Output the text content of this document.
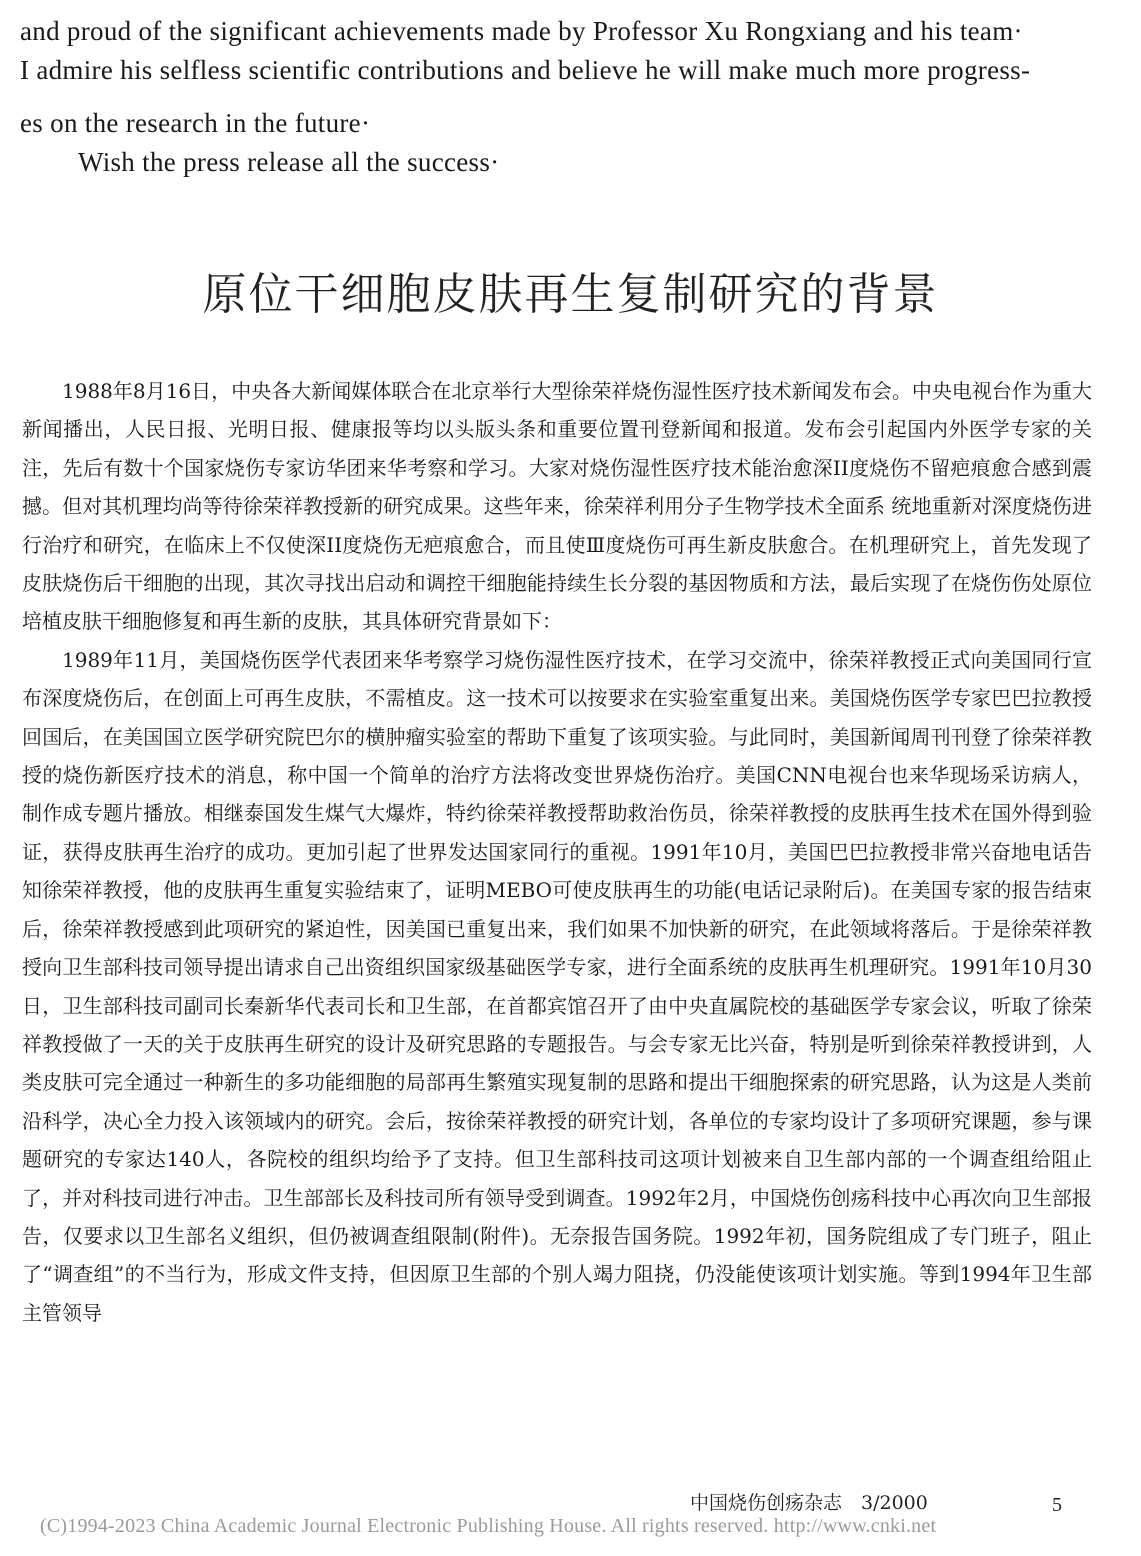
and proud of the significant achievements made by Professor Xu Rongxiang and his team·
I admire his selfless scientific contributions and believe he will make much more progress-
es on the research in the future·
Wish the press release all the success·
原位干细胞皮肤再生复制研究的背景

1988年8月16日，中央各大新闻媒体联合在北京举行大型徐荣祥烧伤湿性医疗技术新闻发布会。中央电视台作为重大新闻播出，人民日报、光明日报、健康报等均以头版头条和重要位置刊登新闻和报道。发布会引起国内外医学专家的关注，先后有数十个国家烧伤专家访华团来华考察和学习。大家对烧伤湿性医疗技术能治愈深II度烧伤不留疤痕愈合感到震撼。但对其机理均尚等待徐荣祥教授新的研究成果。这些年来，徐荣祥利用分子生物学技术全面系 统地重新对深度烧伤进行治疗和研究，在临床上不仅使深II度烧伤无疤痕愈合，而且使Ⅲ度烧伤可再生新皮肤愈合。在机理研究上，首先发现了皮肤烧伤后干细胞的出现，其次寻找出启动和调控干细胞能持续生长分裂的基因物质和方法，最后实现了在烧伤伤处原位培植皮肤干细胞修复和再生新的皮肤，其具体研究背景如下：

1989年11月，美国烧伤医学代表团来华考察学习烧伤湿性医疗技术，在学习交流中，徐荣祥教授正式向美国同行宣布深度烧伤后，在创面上可再生皮肤，不需植皮。这一技术可以按要求在实验室重复出来。美国烧伤医学专家巴巴拉教授回国后，在美国国立医学研究院巴尔的横肿瘤实验室的帮助下重复了该项实验。与此同时，美国新闻周刊刊登了徐荣祥教授的烧伤新医疗技术的消息，称中国一个简单的治疗方法将改变世界烧伤治疗。美国CNN电视台也来华现场采访病人，制作成专题片播放。相继泰国发生煤气大爆炸，特约徐荣祥教授帮助救治伤员，徐荣祥教授的皮肤再生技术在国外得到验证，获得皮肤再生治疗的成功。更加引起了世界发达国家同行的重视。1991年10月，美国巴巴拉教授非常兴奋地电话告知徐荣祥教授，他的皮肤再生重复实验结束了，证明MEBO可使皮肤再生的功能(电话记录附后)。在美国专家的报告结束后，徐荣祥教授感到此项研究的紧迫性，因美国已重复出来，我们如果不加快新的研究，在此领域将落后。于是徐荣祥教授向卫生部科技司领导提出请求自己出资组织国家级基础医学专家，进行全面系统的皮肤再生机理研究。1991年10月30日，卫生部科技司副司长秦新华代表司长和卫生部，在首都宾馆召开了由中央直属院校的基础医学专家会议，听取了徐荣祥教授做了一天的关于皮肤再生研究的设计及研究思路的专题报告。与会专家无比兴奋，特别是听到徐荣祥教授讲到，人类皮肤可完全通过一种新生的多功能细胞的局部再生繁殖实现复制的思路和提出干细胞探索的研究思路，认为这是人类前沿科学，决心全力投入该领域内的研究。会后，按徐荣祥教授的研究计划，各单位的专家均设计了多项研究课题，参与课题研究的专家达140人，各院校的组织均给予了支持。但卫生部科技司这项计划被来自卫生部内部的一个调查组给阻止了，并对科技司进行冲击。卫生部部长及科技司所有领导受到调查。1992年2月，中国烧伤创疡科技中心再次向卫生部报告，仅要求以卫生部名义组织，但仍被调查组限制(附件)。无奈报告国务院。1992年初，国务院组成了专门班子，阻止了“调查组”的不当行为，形成文件支持，但因原卫生部的个别人竭力阻挠，仍没能使该项计划实施。等到1994年卫生部主管领导

中国烧伤创疡杂志　3/2000	5
(C)1994-2023 China Academic Journal Electronic Publishing House. All rights reserved. http://www.cnki.net
